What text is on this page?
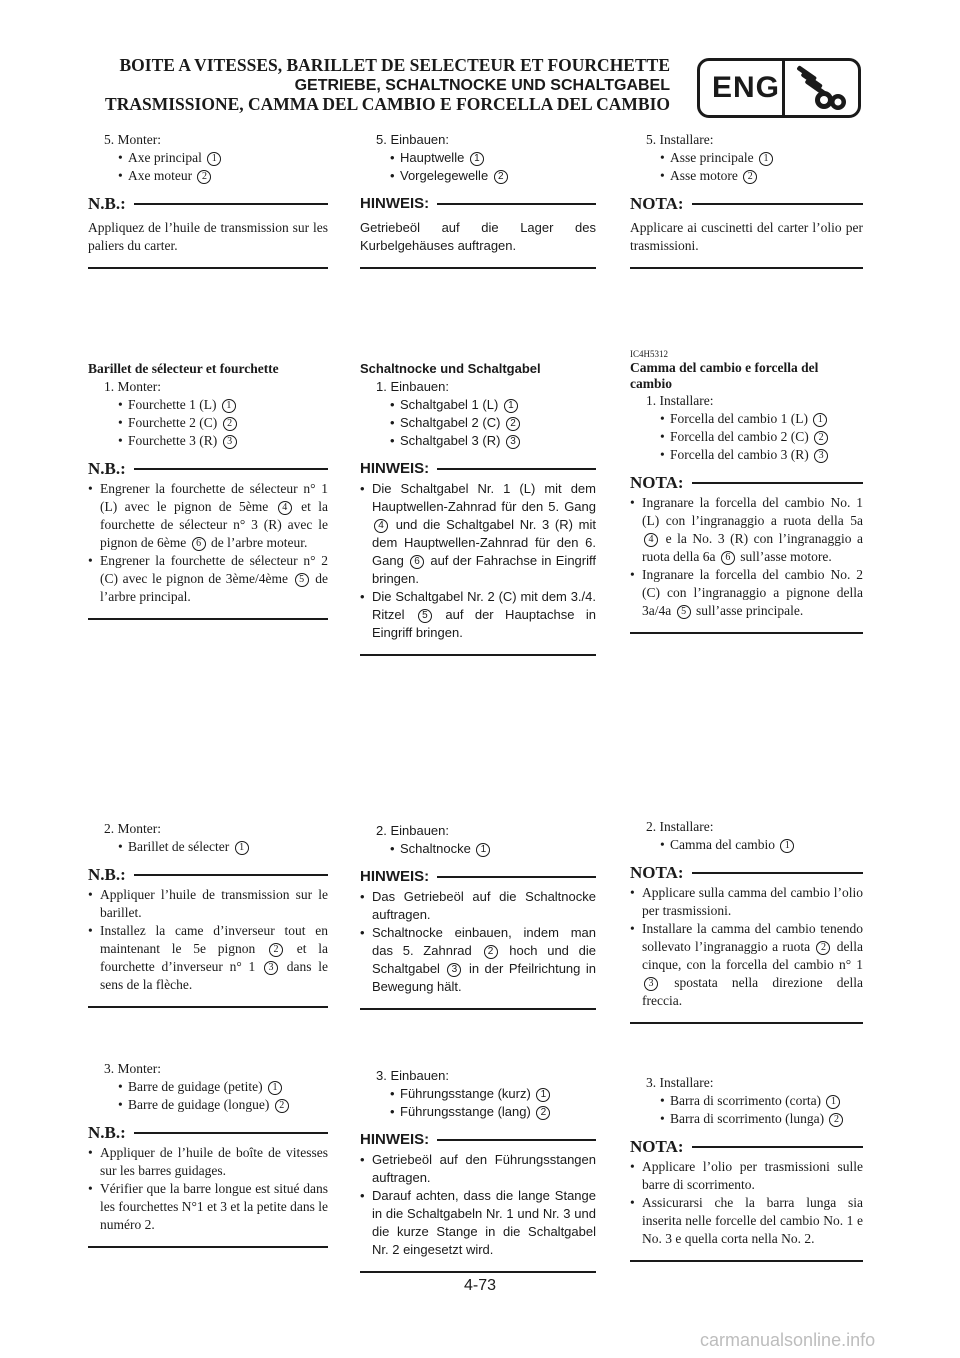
BOITE A VITESSES, BARILLET DE SELECTEUR ET FOURCHETTE
GETRIEBE, SCHALTNOCKE UND SCHALTGABEL
TRASMISSIONE, CAMMA DEL CAMBIO E FORCELLA DEL CAMBIO ENG
5. Monter:
• Axe principal 1
• Axe moteur 2
N.B.:
Appliquez de l’huile de transmission sur les paliers du carter.
Barillet de sélecteur et fourchette
1. Monter:
• Fourchette 1 (L) 1
• Fourchette 2 (C) 2
• Fourchette 3 (R) 3
N.B.:
• Engrener la fourchette de sélecteur n° 1 (L) avec le pignon de 5ème 4 et la fourchette de sélecteur n° 3 (R) avec le pignon de 6ème 6 de l’arbre moteur.
• Engrener la fourchette de sélecteur n° 2 (C) avec le pignon de 3ème/4ème 5 de l’arbre principal.
2. Monter:
• Barillet de sélecter 1
N.B.:
• Appliquer l’huile de transmission sur le barillet.
• Installez la came d’inverseur tout en maintenant le 5e pignon 2 et la fourchette d’inverseur n° 1 3 dans le sens de la flèche.
3. Monter:
• Barre de guidage (petite) 1
• Barre de guidage (longue) 2
N.B.:
• Appliquer de l’huile de boîte de vitesses sur les barres guidages.
• Vérifier que la barre longue est situé dans les fourchettes N°1 et 3 et la petite dans le numéro 2.
5. Einbauen:
• Hauptwelle 1
• Vorgelegewelle 2
HINWEIS:
Getriebeöl auf die Lager des Kurbelgehäuses auftragen.
Schaltnocke und Schaltgabel
1. Einbauen:
• Schaltgabel 1 (L) 1
• Schaltgabel 2 (C) 2
• Schaltgabel 3 (R) 3
HINWEIS:
• Die Schaltgabel Nr. 1 (L) mit dem Hauptwellen-Zahnrad für den 5. Gang 4 und die Schaltgabel Nr. 3 (R) mit dem Hauptwellen-Zahnrad für den 6. Gang 6 auf der Fahrachse in Eingriff bringen.
• Die Schaltgabel Nr. 2 (C) mit dem 3./4. Ritzel 5 auf der Hauptachse in Eingriff bringen.
2. Einbauen:
• Schaltnocke 1
HINWEIS:
• Das Getriebeöl auf die Schaltnocke auftragen.
• Schaltnocke einbauen, indem man das 5. Zahnrad 2 hoch und die Schaltgabel 3 in der Pfeilrichtung in Bewegung hält.
3. Einbauen:
• Führungsstange (kurz) 1
• Führungsstange (lang) 2
HINWEIS:
• Getriebeöl auf den Führungsstangen auftragen.
• Darauf achten, dass die lange Stange in die Schaltgabeln Nr. 1 und Nr. 3 und die kurze Stange in die Schaltgabel Nr. 2 eingesetzt wird.
5. Installare:
• Asse principale 1
• Asse motore 2
NOTA:
Applicare ai cuscinetti del carter l’olio per trasmissioni.
IC4H5312
Camma del cambio e forcella del cambio
1. Installare:
• Forcella del cambio 1 (L) 1
• Forcella del cambio 2 (C) 2
• Forcella del cambio 3 (R) 3
NOTA:
• Ingranare la forcella del cambio No. 1 (L) con l’ingranaggio a ruota della 5a 4 e la No. 3 (R) con l’ingranaggio a ruota della 6a 6 sull’asse motore.
• Ingranare la forcella del cambio No. 2 (C) con l’ingranaggio a pignone della 3a/4a 5 sull’asse principale.
2. Installare:
• Camma del cambio 1
NOTA:
• Applicare sulla camma del cambio l’olio per trasmissioni.
• Installare la camma del cambio tenendo sollevato l’ingranaggio a ruota 2 della cinque, con la forcella del cambio n° 1 3 spostata nella direzione della freccia.
3. Installare:
• Barra di scorrimento (corta) 1
• Barra di scorrimento (lunga) 2
NOTA:
• Applicare l’olio per trasmissioni sulle barre di scorrimento.
• Assicurarsi che la barra lunga sia inserita nelle forcelle del cambio No. 1 e No. 3 e quella corta nella No. 2.
4-73
carmanualsonline.info
